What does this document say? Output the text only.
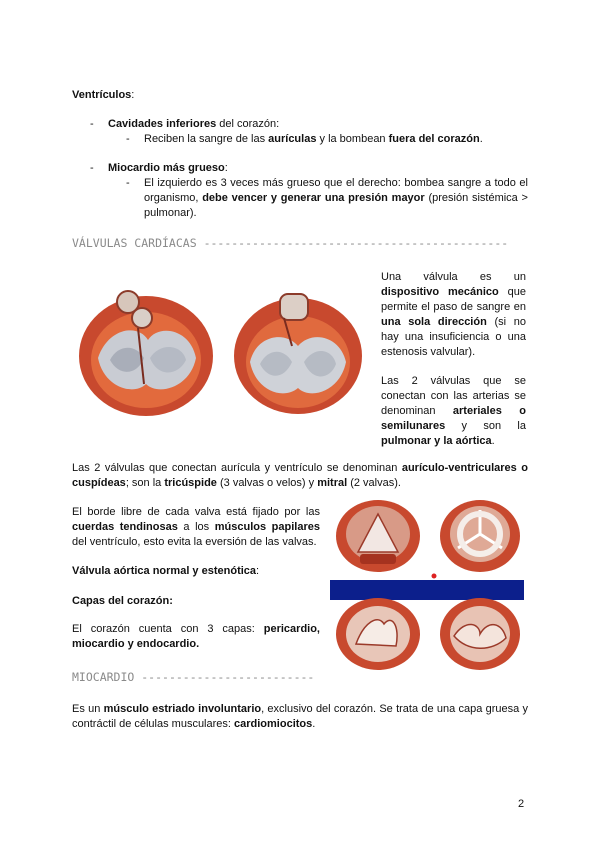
Ventrículos:
- Cavidades inferiores del corazón:
- Reciben la sangre de las aurículas y la bombean fuera del corazón.
- Miocardio más grueso:
- El izquierdo es 3 veces más grueso que el derecho: bombea sangre a todo el organismo, debe vencer y generar una presión mayor (presión sistémica > pulmonar).
VÁLVULAS CARDÍACAS --------------------------------------------
Una válvula es un dispositivo mecánico que permite el paso de sangre en una sola dirección (si no hay una insuficiencia o una estenosis valvular).
Las 2 válvulas que se conectan con las arterias se denominan arteriales o semilunares y son la pulmonar y la aórtica.
Las 2 válvulas que conectan aurícula y ventrículo se denominan aurículo-ventriculares o cuspídeas; son la tricúspide (3 valvas o velos) y mitral (2 valvas).
El borde libre de cada valva está fijado por las cuerdas tendinosas a los músculos papilares del ventrículo, esto evita la eversión de las valvas.
Válvula aórtica normal y estenótica:
Capas del corazón:
El corazón cuenta con 3 capas: pericardio, miocardio y endocardio.
MIOCARDIO -------------------------
Es un músculo estriado involuntario, exclusivo del corazón. Se trata de una capa gruesa y contráctil de células musculares: cardiomiocitos.
2
